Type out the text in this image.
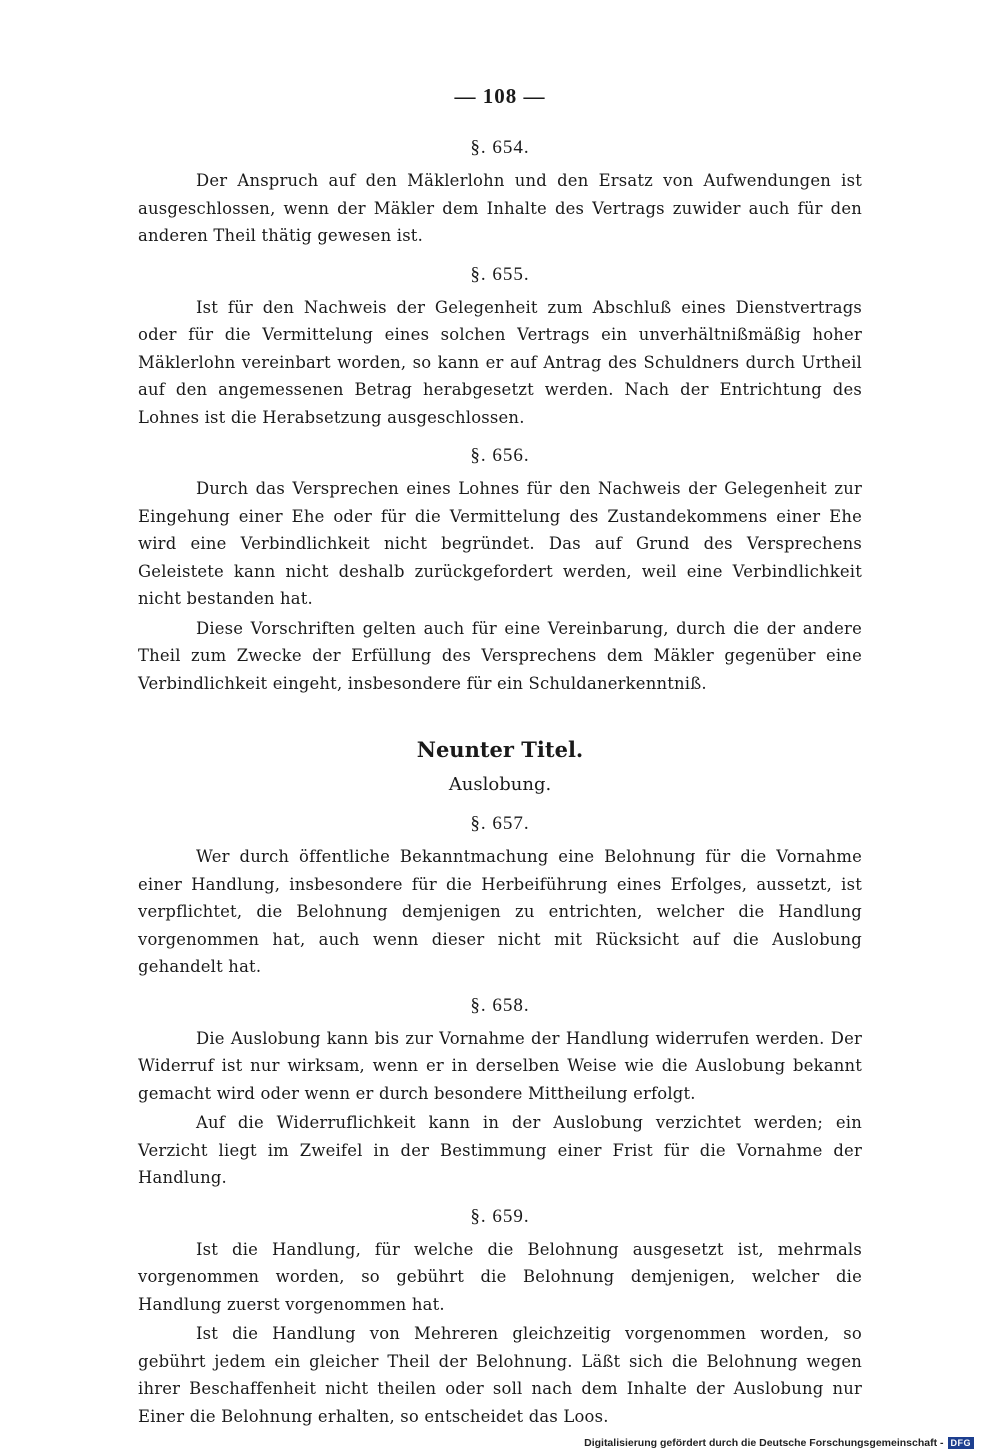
— 108 —
§. 654.

Der Anspruch auf den Mäklerlohn und den Ersatz von Aufwendungen ist ausgeschlossen, wenn der Mäkler dem Inhalte des Vertrags zuwider auch für den anderen Theil thätig gewesen ist.

§. 655.

Ist für den Nachweis der Gelegenheit zum Abschluß eines Dienstvertrags oder für die Vermittelung eines solchen Vertrags ein unverhältnißmäßig hoher Mäklerlohn vereinbart worden, so kann er auf Antrag des Schuldners durch Urtheil auf den angemessenen Betrag herabgesetzt werden. Nach der Entrichtung des Lohnes ist die Herabsetzung ausgeschlossen.

§. 656.

Durch das Versprechen eines Lohnes für den Nachweis der Gelegenheit zur Eingehung einer Ehe oder für die Vermittelung des Zustandekommens einer Ehe wird eine Verbindlichkeit nicht begründet. Das auf Grund des Versprechens Geleistete kann nicht deshalb zurückgefordert werden, weil eine Verbindlichkeit nicht bestanden hat.

Diese Vorschriften gelten auch für eine Vereinbarung, durch die der andere Theil zum Zwecke der Erfüllung des Versprechens dem Mäkler gegenüber eine Verbindlichkeit eingeht, insbesondere für ein Schuldanerkenntniß.

Neunter Titel.
Auslobung.
§. 657.

Wer durch öffentliche Bekanntmachung eine Belohnung für die Vornahme einer Handlung, insbesondere für die Herbeiführung eines Erfolges, aussetzt, ist verpflichtet, die Belohnung demjenigen zu entrichten, welcher die Handlung vorgenommen hat, auch wenn dieser nicht mit Rücksicht auf die Auslobung gehandelt hat.

§. 658.

Die Auslobung kann bis zur Vornahme der Handlung widerrufen werden. Der Widerruf ist nur wirksam, wenn er in derselben Weise wie die Auslobung bekannt gemacht wird oder wenn er durch besondere Mittheilung erfolgt.

Auf die Widerruflichkeit kann in der Auslobung verzichtet werden; ein Verzicht liegt im Zweifel in der Bestimmung einer Frist für die Vornahme der Handlung.

§. 659.

Ist die Handlung, für welche die Belohnung ausgesetzt ist, mehrmals vorgenommen worden, so gebührt die Belohnung demjenigen, welcher die Handlung zuerst vorgenommen hat.

Ist die Handlung von Mehreren gleichzeitig vorgenommen worden, so gebührt jedem ein gleicher Theil der Belohnung. Läßt sich die Belohnung wegen ihrer Beschaffenheit nicht theilen oder soll nach dem Inhalte der Auslobung nur Einer die Belohnung erhalten, so entscheidet das Loos.

Digitalisierung gefördert durch die Deutsche Forschungsgemeinschaft - DFG
